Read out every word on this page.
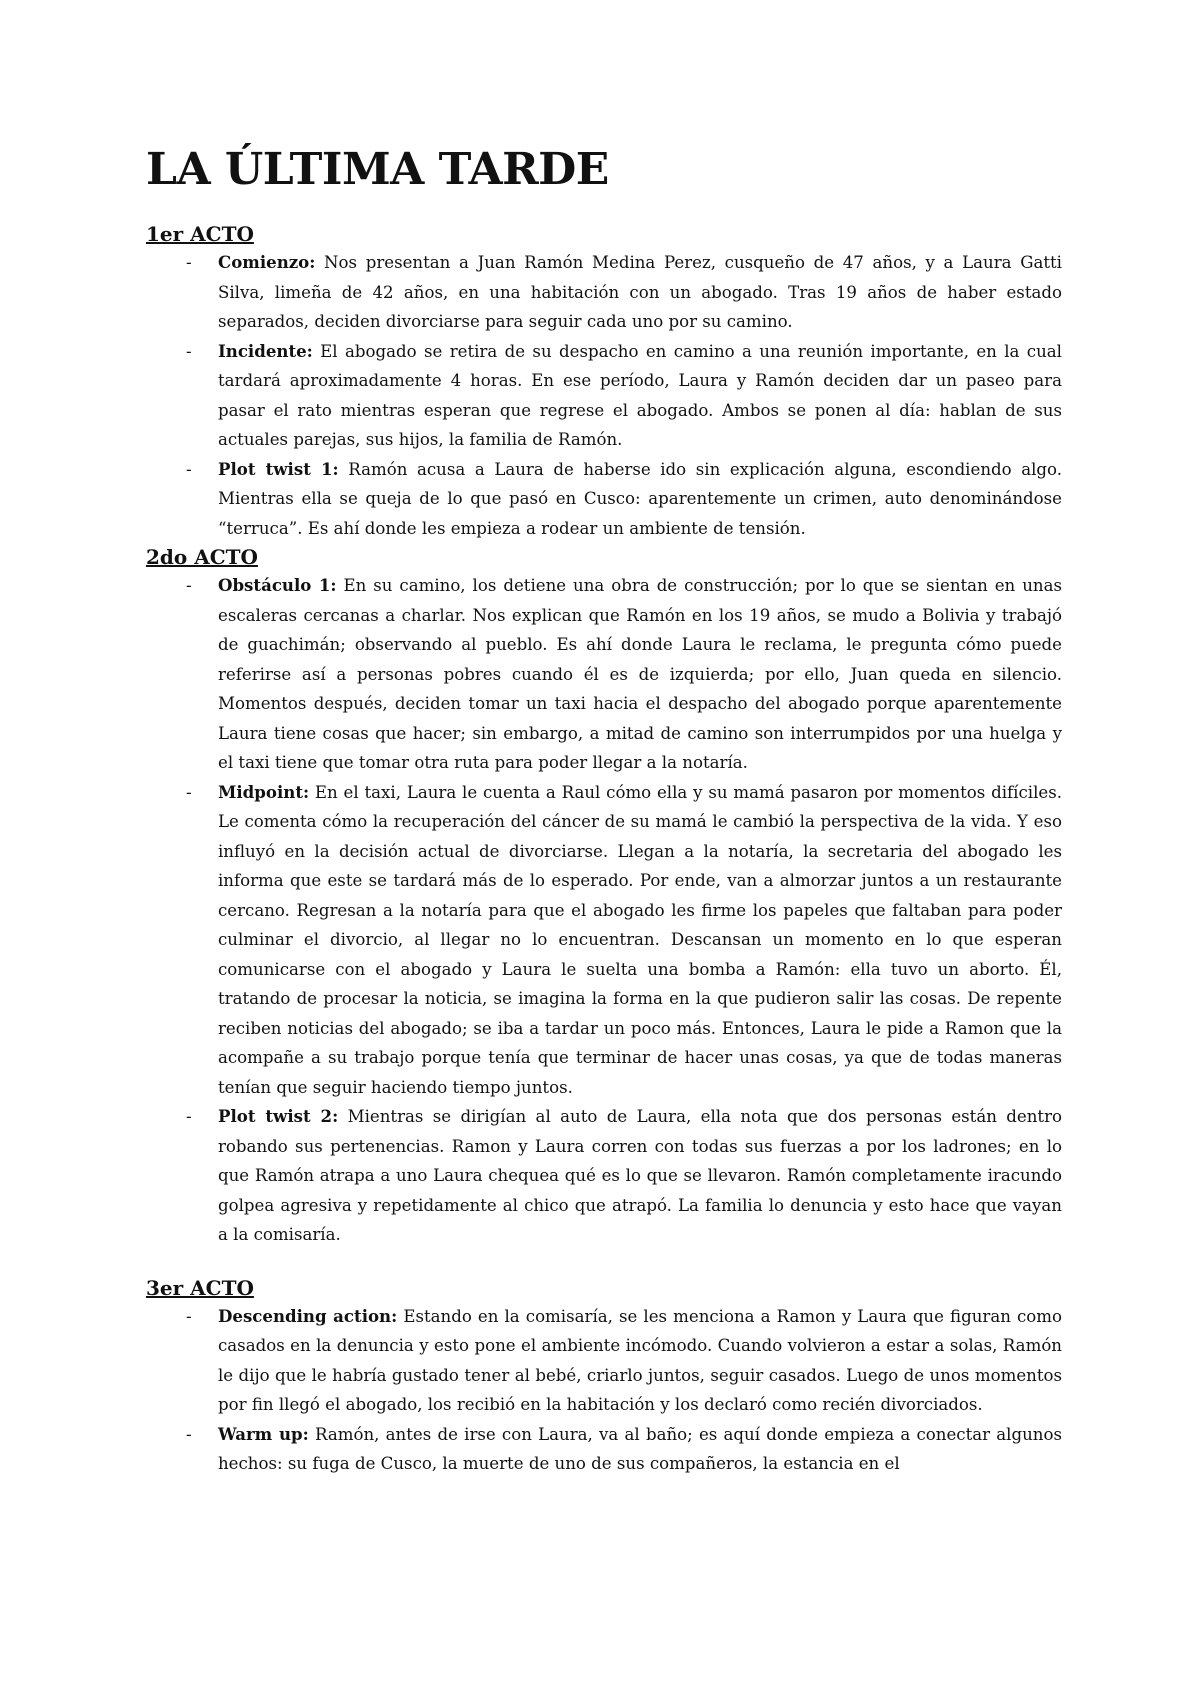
LA ÚLTIMA TARDE
1er ACTO
- Comienzo: Nos presentan a Juan Ramón Medina Perez, cusqueño de 47 años, y a Laura Gatti Silva, limeña de 42 años, en una habitación con un abogado. Tras 19 años de haber estado separados, deciden divorciarse para seguir cada uno por su camino.
- Incidente: El abogado se retira de su despacho en camino a una reunión importante, en la cual tardará aproximadamente 4 horas. En ese período, Laura y Ramón deciden dar un paseo para pasar el rato mientras esperan que regrese el abogado. Ambos se ponen al día: hablan de sus actuales parejas, sus hijos, la familia de Ramón.
- Plot twist 1: Ramón acusa a Laura de haberse ido sin explicación alguna, escondiendo algo. Mientras ella se queja de lo que pasó en Cusco: aparentemente un crimen, auto denominándose “terruca”. Es ahí donde les empieza a rodear un ambiente de tensión.
2do ACTO
- Obstáculo 1: En su camino, los detiene una obra de construcción; por lo que se sientan en unas escaleras cercanas a charlar. Nos explican que Ramón en los 19 años, se mudo a Bolivia y trabajó de guachimán; observando al pueblo. Es ahí donde Laura le reclama, le pregunta cómo puede referirse así a personas pobres cuando él es de izquierda; por ello, Juan queda en silencio. Momentos después, deciden tomar un taxi hacia el despacho del abogado porque aparentemente Laura tiene cosas que hacer; sin embargo, a mitad de camino son interrumpidos por una huelga y el taxi tiene que tomar otra ruta para poder llegar a la notaría.
- Midpoint: En el taxi, Laura le cuenta a Raul cómo ella y su mamá pasaron por momentos difíciles. Le comenta cómo la recuperación del cáncer de su mamá le cambió la perspectiva de la vida. Y eso influyó en la decisión actual de divorciarse. Llegan a la notaría, la secretaria del abogado les informa que este se tardará más de lo esperado. Por ende, van a almorzar juntos a un restaurante cercano. Regresan a la notaría para que el abogado les firme los papeles que faltaban para poder culminar el divorcio, al llegar no lo encuentran. Descansan un momento en lo que esperan comunicarse con el abogado y Laura le suelta una bomba a Ramón: ella tuvo un aborto. Él, tratando de procesar la noticia, se imagina la forma en la que pudieron salir las cosas. De repente reciben noticias del abogado; se iba a tardar un poco más. Entonces, Laura le pide a Ramon que la acompañe a su trabajo porque tenía que terminar de hacer unas cosas, ya que de todas maneras tenían que seguir haciendo tiempo juntos.
- Plot twist 2: Mientras se dirigían al auto de Laura, ella nota que dos personas están dentro robando sus pertenencias. Ramon y Laura corren con todas sus fuerzas a por los ladrones; en lo que Ramón atrapa a uno Laura chequea qué es lo que se llevaron. Ramón completamente iracundo golpea agresiva y repetidamente al chico que atrapó. La familia lo denuncia y esto hace que vayan a la comisaría.
3er ACTO
- Descending action: Estando en la comisaría, se les menciona a Ramon y Laura que figuran como casados en la denuncia y esto pone el ambiente incómodo. Cuando volvieron a estar a solas, Ramón le dijo que le habría gustado tener al bebé, criarlo juntos, seguir casados. Luego de unos momentos por fin llegó el abogado, los recibió en la habitación y los declaró como recién divorciados.
- Warm up: Ramón, antes de irse con Laura, va al baño; es aquí donde empieza a conectar algunos hechos: su fuga de Cusco, la muerte de uno de sus compañeros, la estancia en el
